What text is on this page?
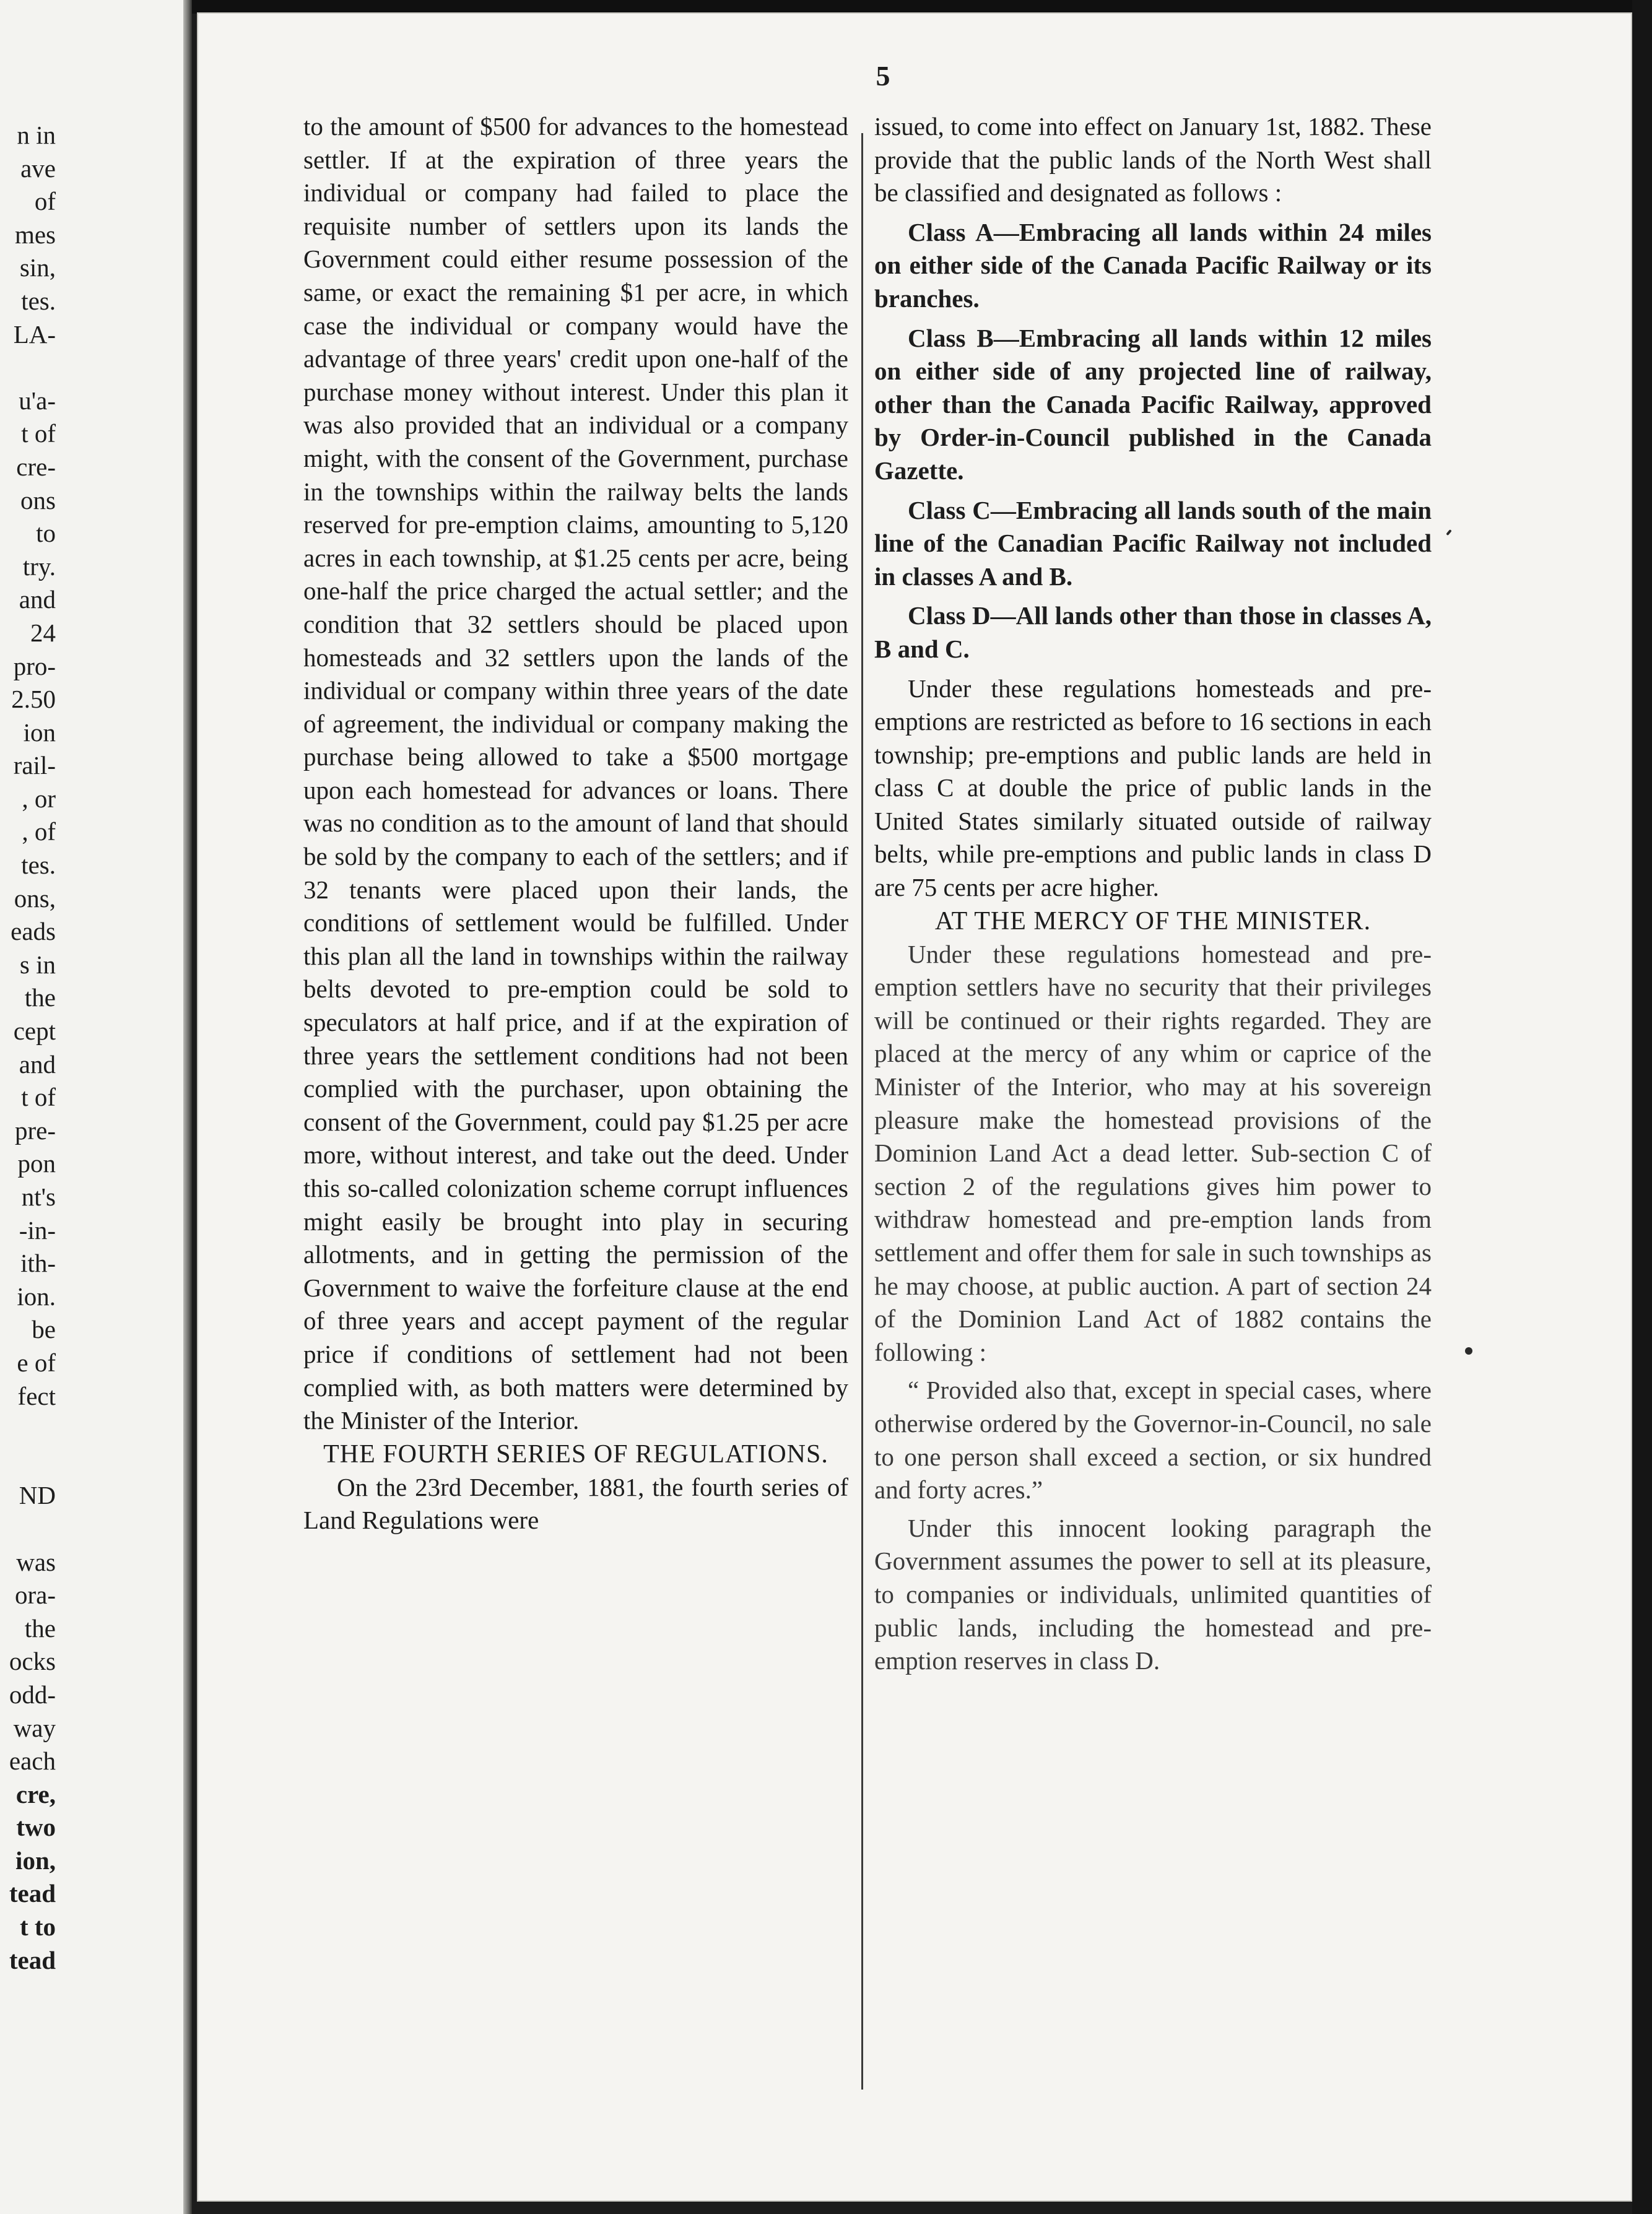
n in
ave
of
mes
sin,
tes.
LA-

u'a-
t of
cre-
ons
to
try.
and
24
pro-
2.50
ion
rail-
, or
, of
tes.
ons,
eads
s in
the
cept
and
t of
pre-
pon
nt's
-in-
ith-
ion.
be
e of
fect

ND

was
ora-
the
ocks
odd-
way
each
cre,
two
ion,
tead
t to
tead
5

to the amount of $500 for advances to the homestead settler. If at the expiration of three years the individual or company had failed to place the requisite number of settlers upon its lands the Government could either resume possession of the same, or exact the remaining $1 per acre, in which case the individual or company would have the advantage of three years' credit upon one-half of the purchase money without interest. Under this plan it was also provided that an individual or a company might, with the consent of the Government, purchase in the townships within the railway belts the lands reserved for pre-emption claims, amounting to 5,120 acres in each township, at $1.25 cents per acre, being one-half the price charged the actual settler; and the condition that 32 settlers should be placed upon homesteads and 32 settlers upon the lands of the individual or company within three years of the date of agreement, the individual or company making the purchase being allowed to take a $500 mortgage upon each homestead for advances or loans. There was no condition as to the amount of land that should be sold by the company to each of the settlers; and if 32 tenants were placed upon their lands, the conditions of settlement would be fulfilled. Under this plan all the land in townships within the railway belts devoted to pre-emption could be sold to speculators at half price, and if at the expiration of three years the settlement conditions had not been complied with the purchaser, upon obtaining the consent of the Government, could pay $1.25 per acre more, without interest, and take out the deed. Under this so-called colonization scheme corrupt influences might easily be brought into play in securing allotments, and in getting the permission of the Government to waive the forfeiture clause at the end of three years and accept payment of the regular price if conditions of settlement had not been complied with, as both matters were determined by the Minister of the Interior.

THE FOURTH SERIES OF REGULATIONS.

On the 23rd December, 1881, the fourth series of Land Regulations were

issued, to come into effect on January 1st, 1882. These provide that the public lands of the North West shall be classified and designated as follows :

Class A—Embracing all lands within 24 miles on either side of the Canada Pacific Railway or its branches.

Class B—Embracing all lands within 12 miles on either side of any projected line of railway, other than the Canada Pacific Railway, approved by Order-in-Council published in the Canada Gazette.

Class C—Embracing all lands south of the main line of the Canadian Pacific Railway not included in classes A and B.

Class D—All lands other than those in classes A, B and C.

Under these regulations homesteads and pre-emptions are restricted as before to 16 sections in each township; pre-emptions and public lands are held in class C at double the price of public lands in the United States similarly situated outside of railway belts, while pre-emptions and public lands in class D are 75 cents per acre higher.

AT THE MERCY OF THE MINISTER.

Under these regulations homestead and pre-emption settlers have no security that their privileges will be continued or their rights regarded. They are placed at the mercy of any whim or caprice of the Minister of the Interior, who may at his sovereign pleasure make the homestead provisions of the Dominion Land Act a dead letter. Sub-section C of section 2 of the regulations gives him power to withdraw homestead and pre-emption lands from settlement and offer them for sale in such townships as he may choose, at public auction. A part of section 24 of the Dominion Land Act of 1882 contains the following :

“ Provided also that, except in special cases, where otherwise ordered by the Governor-in-Council, no sale to one person shall exceed a section, or six hundred and forty acres.”

Under this innocent looking paragraph the Government assumes the power to sell at its pleasure, to companies or individuals, unlimited quantities of public lands, including the homestead and pre-emption reserves in class D.
